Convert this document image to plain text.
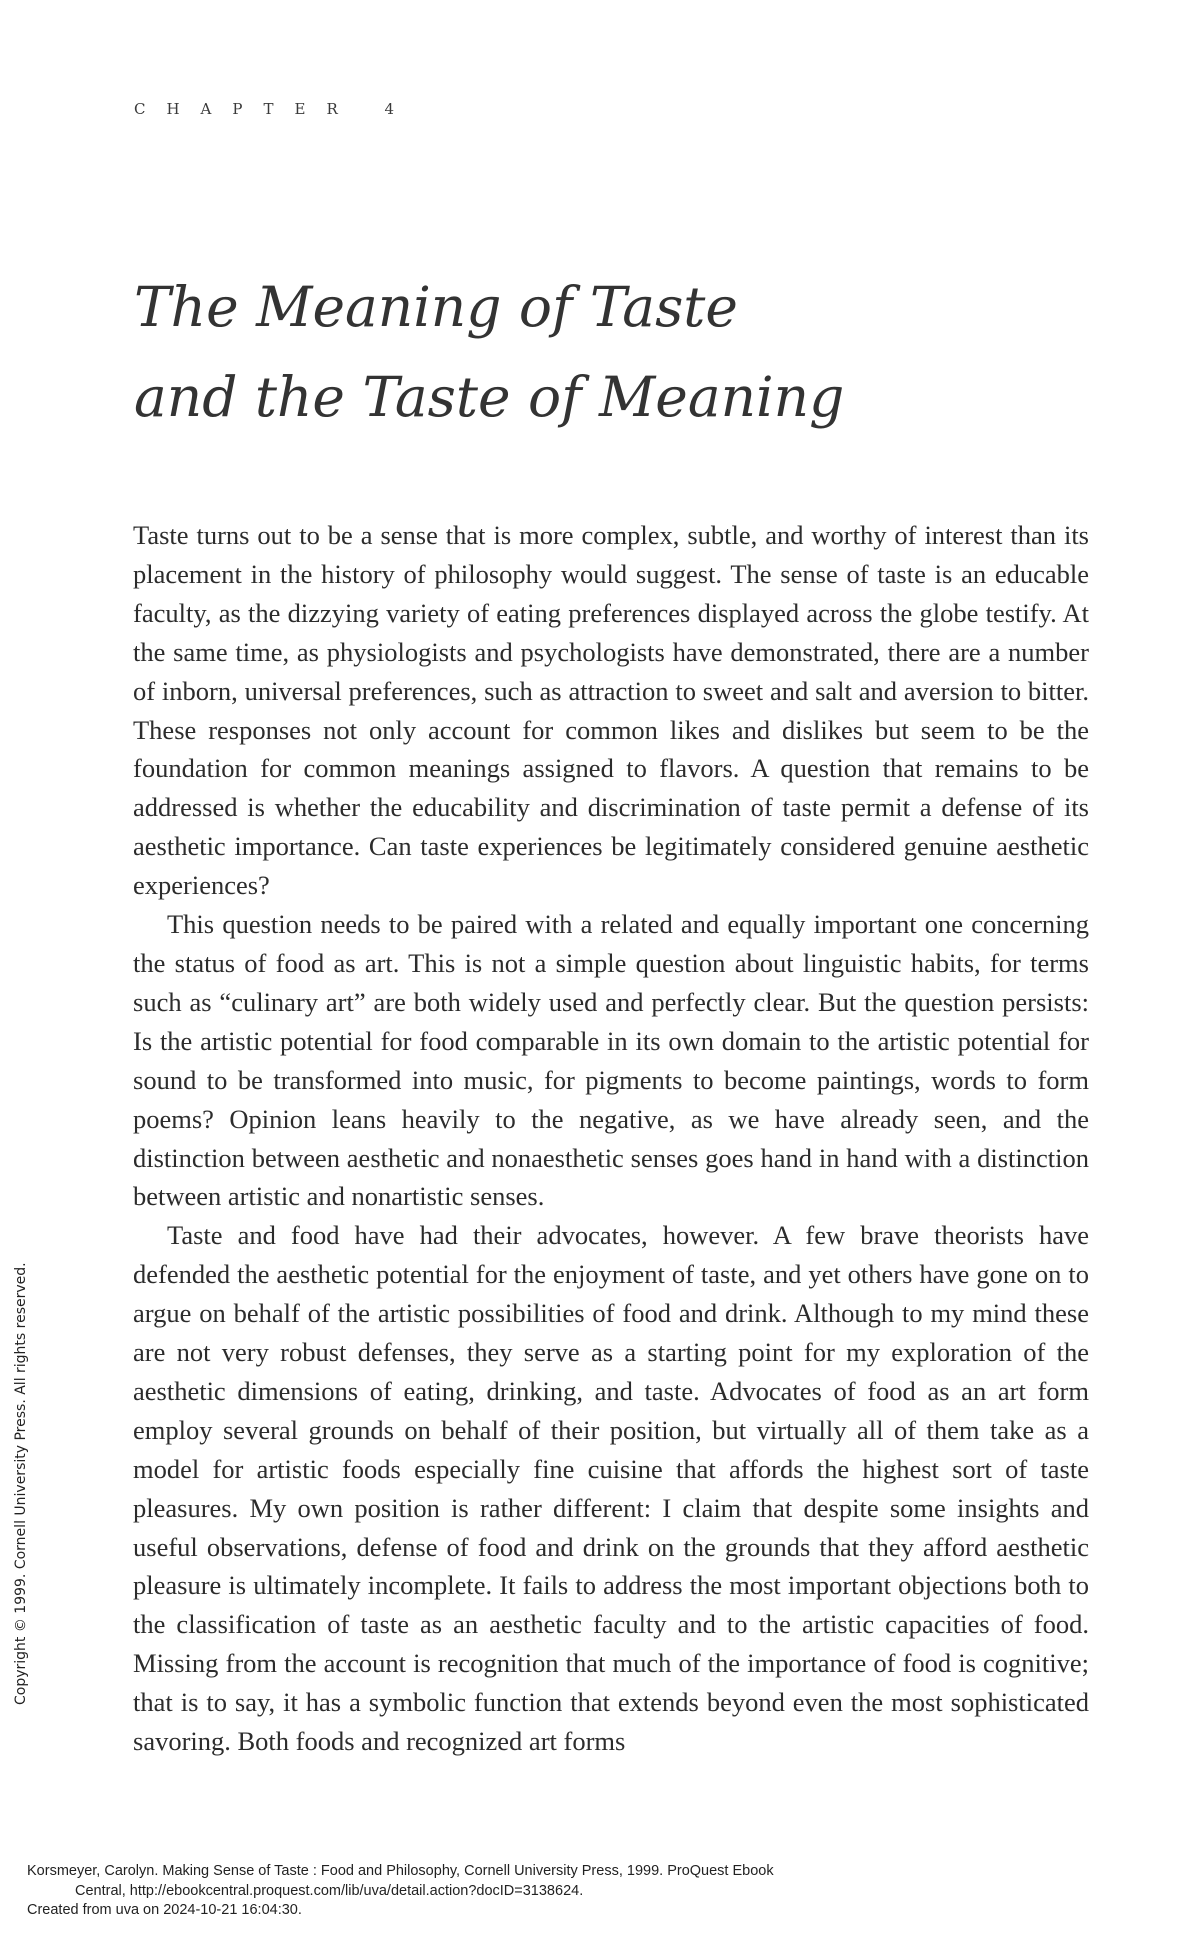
CHAPTER 4
The Meaning of Taste
and the Taste of Meaning

Taste turns out to be a sense that is more complex, subtle, and worthy of interest than its placement in the history of philosophy would suggest. The sense of taste is an educable faculty, as the dizzying variety of eating preferences displayed across the globe testify. At the same time, as physiologists and psychologists have demonstrated, there are a number of inborn, universal preferences, such as attraction to sweet and salt and aversion to bitter. These responses not only account for common likes and dislikes but seem to be the foundation for common meanings assigned to flavors. A question that remains to be addressed is whether the educability and discrimination of taste permit a defense of its aesthetic importance. Can taste experiences be legitimately considered genuine aesthetic experiences?

This question needs to be paired with a related and equally important one concerning the status of food as art. This is not a simple question about linguistic habits, for terms such as “culinary art” are both widely used and perfectly clear. But the question persists: Is the artistic potential for food comparable in its own domain to the artistic potential for sound to be transformed into music, for pigments to become paintings, words to form poems? Opinion leans heavily to the negative, as we have already seen, and the distinction between aesthetic and nonaesthetic senses goes hand in hand with a distinction between artistic and nonartistic senses.

Taste and food have had their advocates, however. A few brave theorists have defended the aesthetic potential for the enjoyment of taste, and yet others have gone on to argue on behalf of the artistic possibilities of food and drink. Although to my mind these are not very robust defenses, they serve as a starting point for my exploration of the aesthetic dimensions of eating, drinking, and taste. Advocates of food as an art form employ several grounds on behalf of their position, but virtually all of them take as a model for artistic foods especially fine cuisine that affords the highest sort of taste pleasures. My own position is rather different: I claim that despite some insights and useful observations, defense of food and drink on the grounds that they afford aesthetic pleasure is ultimately incomplete. It fails to address the most important objections both to the classification of taste as an aesthetic faculty and to the artistic capacities of food. Missing from the account is recognition that much of the importance of food is cognitive; that is to say, it has a symbolic function that extends beyond even the most sophisticated savoring. Both foods and recognized art forms

Copyright © 1999. Cornell University Press. All rights reserved.
Korsmeyer, Carolyn. Making Sense of Taste : Food and Philosophy, Cornell University Press, 1999. ProQuest Ebook
Central, http://ebookcentral.proquest.com/lib/uva/detail.action?docID=3138624.
Created from uva on 2024-10-21 16:04:30.
